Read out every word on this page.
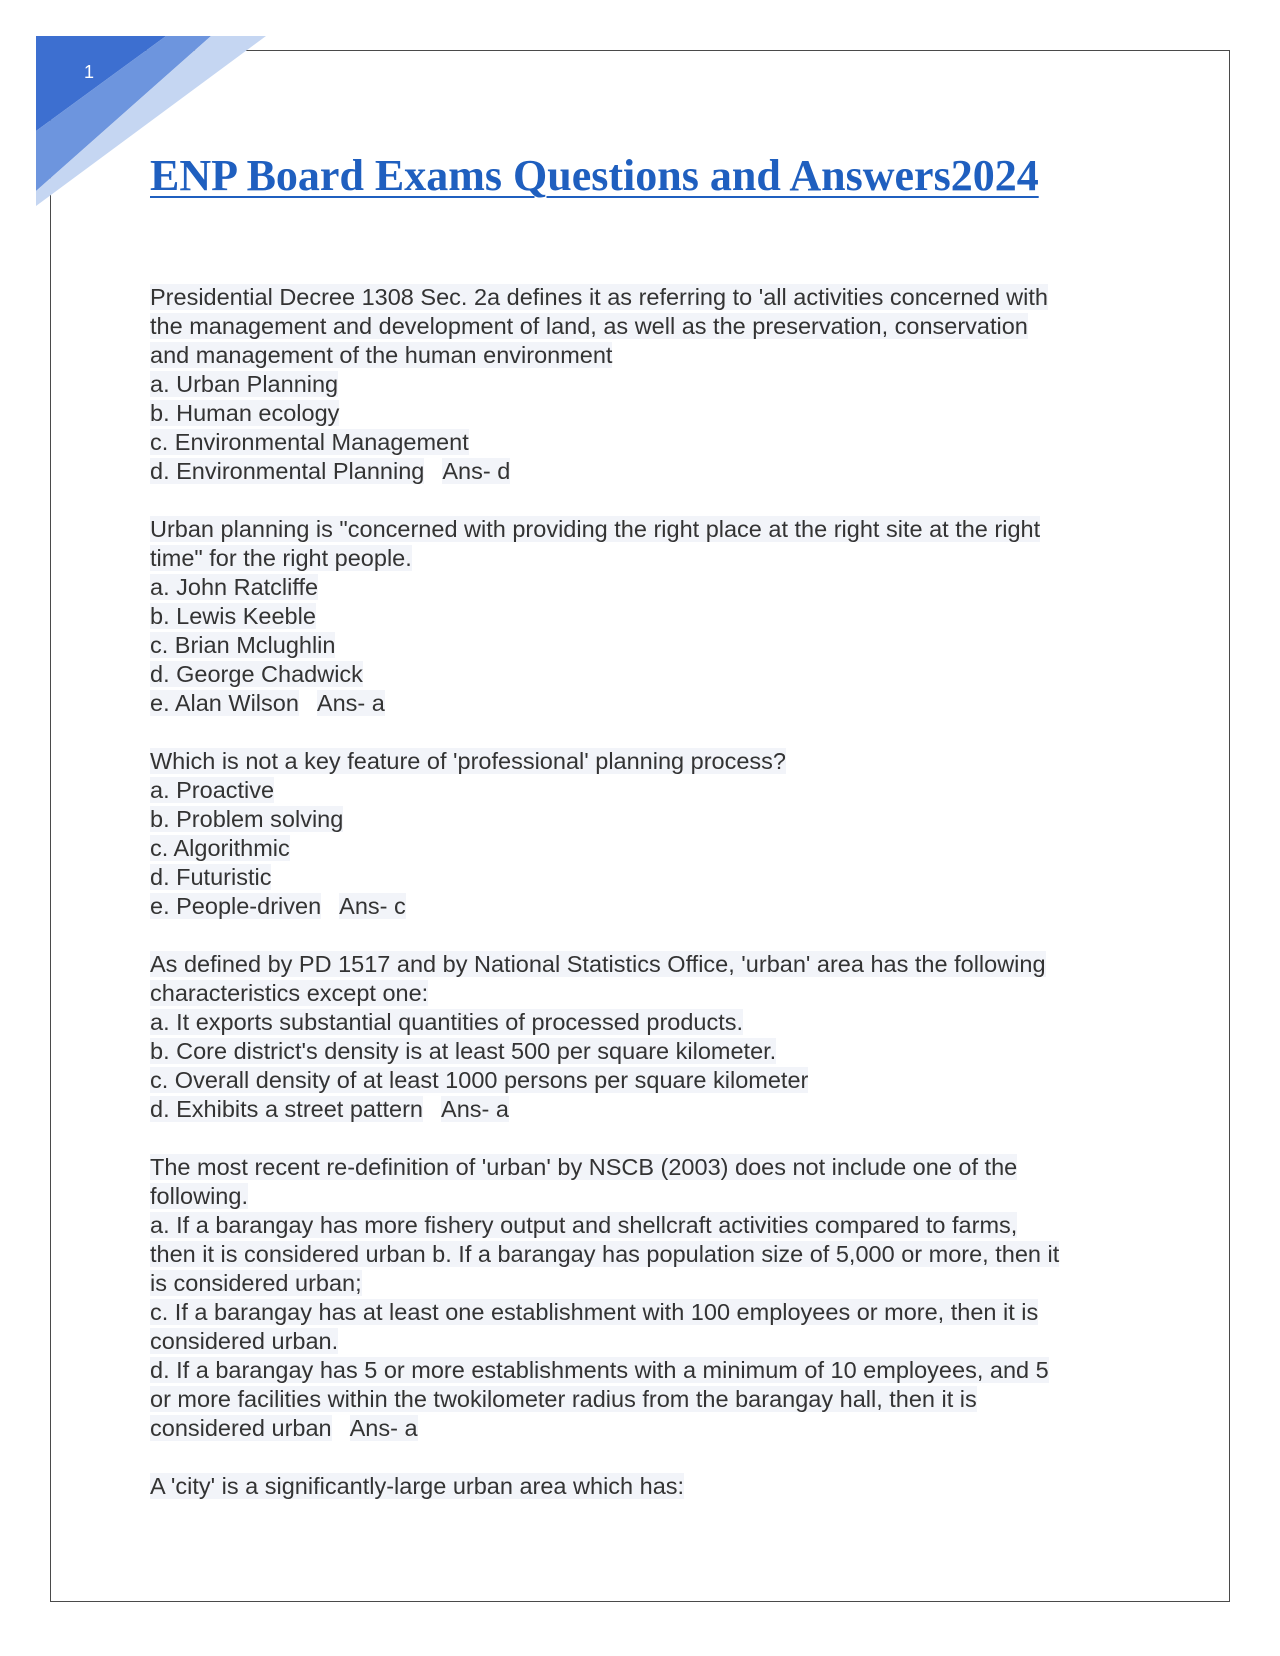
1
ENP Board Exams Questions and Answers2024
Presidential Decree 1308 Sec. 2a defines it as referring to 'all activities concerned with
the management and development of land, as well as the preservation, conservation
and management of the human environment
a. Urban Planning
b. Human ecology
c. Environmental Management
d. Environmental Planning Ans- d
Urban planning is "concerned with providing the right place at the right site at the right
time" for the right people.
a. John Ratcliffe
b. Lewis Keeble
c. Brian Mclughlin
d. George Chadwick
e. Alan Wilson Ans- a
Which is not a key feature of 'professional' planning process?
a. Proactive
b. Problem solving
c. Algorithmic
d. Futuristic
e. People-driven Ans- c
As defined by PD 1517 and by National Statistics Office, 'urban' area has the following
characteristics except one:
a. It exports substantial quantities of processed products.
b. Core district's density is at least 500 per square kilometer.
c. Overall density of at least 1000 persons per square kilometer
d. Exhibits a street pattern Ans- a
The most recent re-definition of 'urban' by NSCB (2003) does not include one of the
following.
a. If a barangay has more fishery output and shellcraft activities compared to farms,
then it is considered urban b. If a barangay has population size of 5,000 or more, then it
is considered urban;
c. If a barangay has at least one establishment with 100 employees or more, then it is
considered urban.
d. If a barangay has 5 or more establishments with a minimum of 10 employees, and 5
or more facilities within the twokilometer radius from the barangay hall, then it is
considered urban Ans- a
A 'city' is a significantly-large urban area which has:
